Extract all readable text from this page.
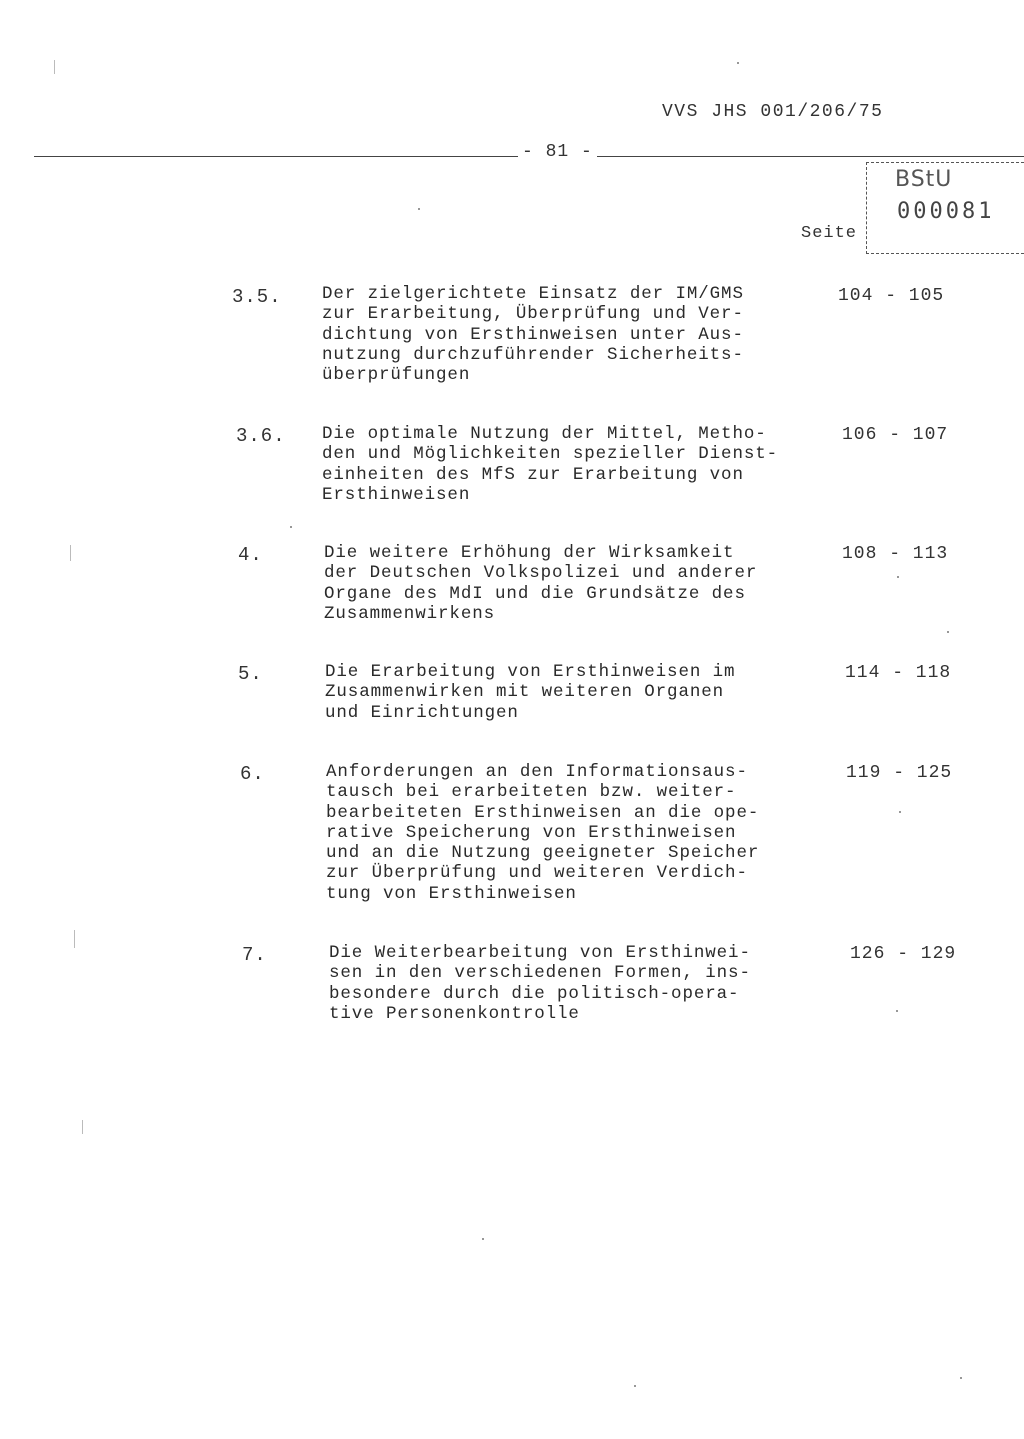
VVS JHS 001/206/75
- 81 -
BStU
000081
Seite
3.5. Der zielgerichtete Einsatz der IM/GMS
zur Erarbeitung, Überprüfung und Ver-
dichtung von Ersthinweisen unter Aus-
nutzung durchzuführender Sicherheits-
überprüfungen
104 - 105
3.6. Die optimale Nutzung der Mittel, Metho-
den und Möglichkeiten spezieller Dienst-
einheiten des MfS zur Erarbeitung von
Ersthinweisen
106 - 107
4.	Die weitere Erhöhung der Wirksamkeit
der Deutschen Volkspolizei und anderer
Organe des MdI und die Grundsätze des
Zusammenwirkens
108 - 113
5.	Die Erarbeitung von Ersthinweisen im
Zusammenwirken mit weiteren Organen
und Einrichtungen
114 - 118
6.	Anforderungen an den Informationsaus-
tausch bei erarbeiteten bzw. weiter-
bearbeiteten Ersthinweisen an die ope-
rative Speicherung von Ersthinweisen
und an die Nutzung geeigneter Speicher
zur Überprüfung und weiteren Verdich-
tung von Ersthinweisen
119 - 125
7.	Die Weiterbearbeitung von Ersthinwei-
sen in den verschiedenen Formen, ins-
besondere durch die politisch-opera-
tive Personenkontrolle
126 - 129
